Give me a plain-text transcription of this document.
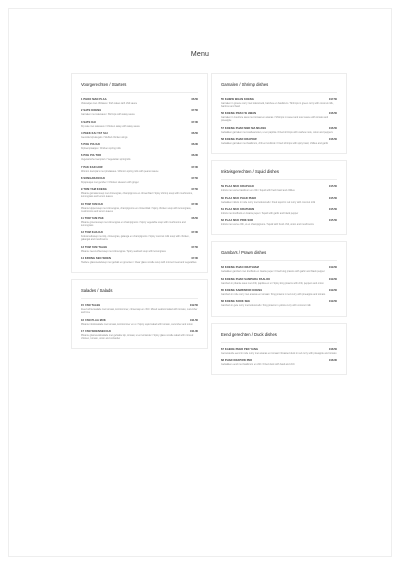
Menu
Voorgerechten / Starters
1 PHOO MAN PLAA	€6.50
Viskoekjes met chilisaus / Fish cakes with chili sauce
2 SATE KOENG	€7.50
Garnalen met satésaus / Shrimps with satay sauce
3 SATE KAI	€7.00
Kip sate met satésaus / Chicken satay with satay sauce
4 PEEK KAI YAT SAI	€6.50
Gevulde kipvleugels / Stuffed chicken wings
5 POH PIA KAI	€6.00
Kiploempiaatjes / Chicken spring rolls
6 POH PIA TOD	€6.00
Vegetarische loempia's / Vegetarian springrolls
7 PAK KAD HOR	€7.00
Wonton loempia's met pindasaus / Wonton spring rolls with peanut sauce
8 SONGARAM KAI	€7.50
Kipspiesjes met gember / Chicken skewers with ginger
9 TOM YAM KOENG	€7.50
Pikante garnalensoep met citroengras, champignons en citroenblad / Spicy shrimp soup with mushrooms, lemongrass and lemon leaves
10 TOM YAM KAI	€7.00
Pikante kippensoep met citroengras, champignons en citroenblad / Spicy chicken soup with lemongrass, mushrooms and lemon leaves
11 TOM YAM PAK	€6.50
Pikante groentesoep met citroengras en champignons / Spicy vegetable soup with mushrooms and lemongrass
12 TOM KHA KAI	€7.00
Kokosmelksoep met kip, citroengras, galanga en champignons / Spicy coconut milk soup with chicken, galangal and mushrooms
13 TOM YAM TALEE	€7.50
Pikante zeevruchtensoep met citroengras / Spicy seafood soup with lemongrass
14 KRONG SEO WOEN	€7.00
Heldere glasnoedelsoep met gehakt en groenten / Clear glass noodle soup with minced meat and vegetables
Salades / Salads
15 YAM TALEE	€12.50
Zeevruchtensalade met tomaat, komkommer, citroensap en chili / Mixed seafood salad with tomato, cucumber and lime
16 YAM PLAA MUK	€11.50
Pikante inktvissalade met tomaat, komkommer en ui / Spicy squid salad with tomato, cucumber and onion
17 YAM WOENSEN KAI	€11.00
Pikante glasnoedelsalade met gehakte kip, tomaat, ui en koriander / Spicy glass noodle salad with minced chicken, tomato, onion and coriander
Garnalen / Shrimp dishes
55 KHIEW WAAN KOENG	€17.50
Garnalen in groene curry met kokosmelk, bamboe en basilicum / Shrimps in green curry with coconut milk, bamboo and basil
56 KOENG PRAO W HWAN	€16.50
Garnalen in zoetzure saus met tomaat en ananas / Shrimps in sweet and sour sauce with tomato and pineapple
57 KOENG PHAD MED MA MUANG	€16.50
Gebakken garnalen met cashewnoten, ui en paprika / Fried shrimps with cashew nuts, onion and peppers
58 KOENG PHAD KRAPOW	€16.50
Gebakken garnalen met basilicum, chili en knoflook / Fried shrimps with spicy basil, chillies and garlic
Inktvisgerechten / Squid dishes
59 PLAA MUK KRAPHAO	€15.50
Inktvis met verse basilicum en chili / Squid with fresh basil and chillies
60 PLAA MUK PHAD PHED	€15.50
Gebakken inktvis in rode curry met kokosmelk / Fried squid in red curry with coconut milk
61 PLAA MUK KRATHIEM	€15.50
Inktvis met knoflook en zwarte peper / Squid with garlic and black pepper
62 PLAA MUK PRIK SOD	€15.50
Inktvis met verse chili, ui en champignons / Squid with fresh chili, onion and mushrooms
Gamba's / Prawn dishes
63 KOENG PHAO KRATHIAM	€19.50
Gebakken gamba's met knoflook en zwarte peper / Fried king prawns with garlic and black pepper
64 KOENG PHAD SAMPHRA PAALOK	€19.50
Gamba's in pikante saus met chili, paprika en ui / Spicy king prawns with chili, peppers and onion
65 KOENG SAMPAROD KOENG	€19.50
Gamba's in rode curry met ananas en tomaat / King prawns in red curry with pineapple and tomato
66 KOENG SOOK SEE	€19.50
Gamba's in gele curry met kokosmelk / King prawns in yellow curry with coconut milk
Eend gerechten / Duck dishes
67 KAENG PHED PED YANG	€18.50
Geroosterde eend in rode curry met ananas en tomaat / Roasted duck in red curry with pineapple and tomato
68 PHAD KRAPOW PED	€18.00
Gebakken eend met basilicum en chili / Fried duck with basil and chili
